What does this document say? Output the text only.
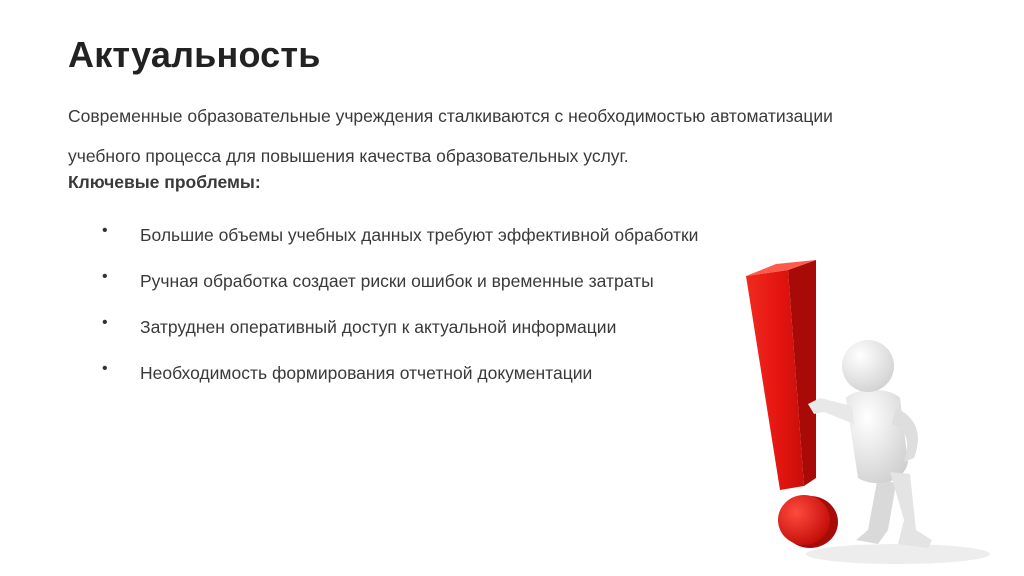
Актуальность
Современные образовательные учреждения сталкиваются с необходимостью автоматизации
учебного процесса для повышения качества образовательных услуг.
Ключевые проблемы:
• Большие объемы учебных данных требуют эффективной обработки
• Ручная обработка создает риски ошибок и временные затраты
• Затруднен оперативный доступ к актуальной информации
• Необходимость формирования отчетной документации
